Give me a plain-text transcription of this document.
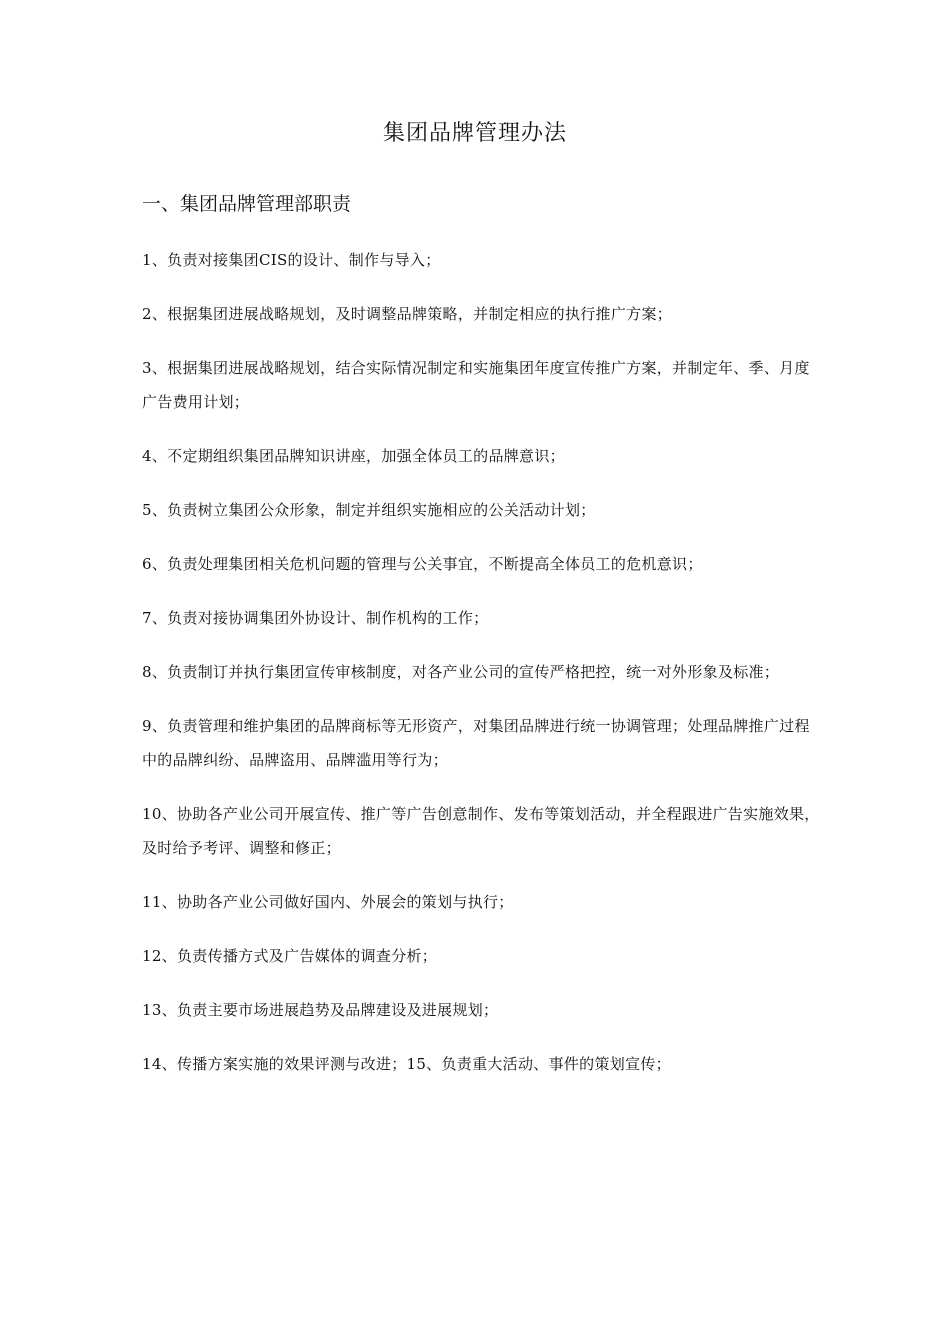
集团品牌管理办法
一、集团品牌管理部职责
1、负责对接集团CIS的设计、制作与导入；
2、根据集团进展战略规划，及时调整品牌策略，并制定相应的执行推广方案；
3、根据集团进展战略规划，结合实际情况制定和实施集团年度宣传推广方案，并制定年、季、月度广告费用计划；
4、不定期组织集团品牌知识讲座，加强全体员工的品牌意识；
5、负责树立集团公众形象，制定并组织实施相应的公关活动计划；
6、负责处理集团相关危机问题的管理与公关事宜，不断提高全体员工的危机意识；
7、负责对接协调集团外协设计、制作机构的工作；
8、负责制订并执行集团宣传审核制度，对各产业公司的宣传严格把控，统一对外形象及标准；
9、负责管理和维护集团的品牌商标等无形资产，对集团品牌进行统一协调管理；处理品牌推广过程中的品牌纠纷、品牌盗用、品牌滥用等行为；
10、协助各产业公司开展宣传、推广等广告创意制作、发布等策划活动，并全程跟进广告实施效果，及时给予考评、调整和修正；
11、协助各产业公司做好国内、外展会的策划与执行；
12、负责传播方式及广告媒体的调查分析；
13、负责主要市场进展趋势及品牌建设及进展规划；
14、传播方案实施的效果评测与改进；15、负责重大活动、事件的策划宣传；
